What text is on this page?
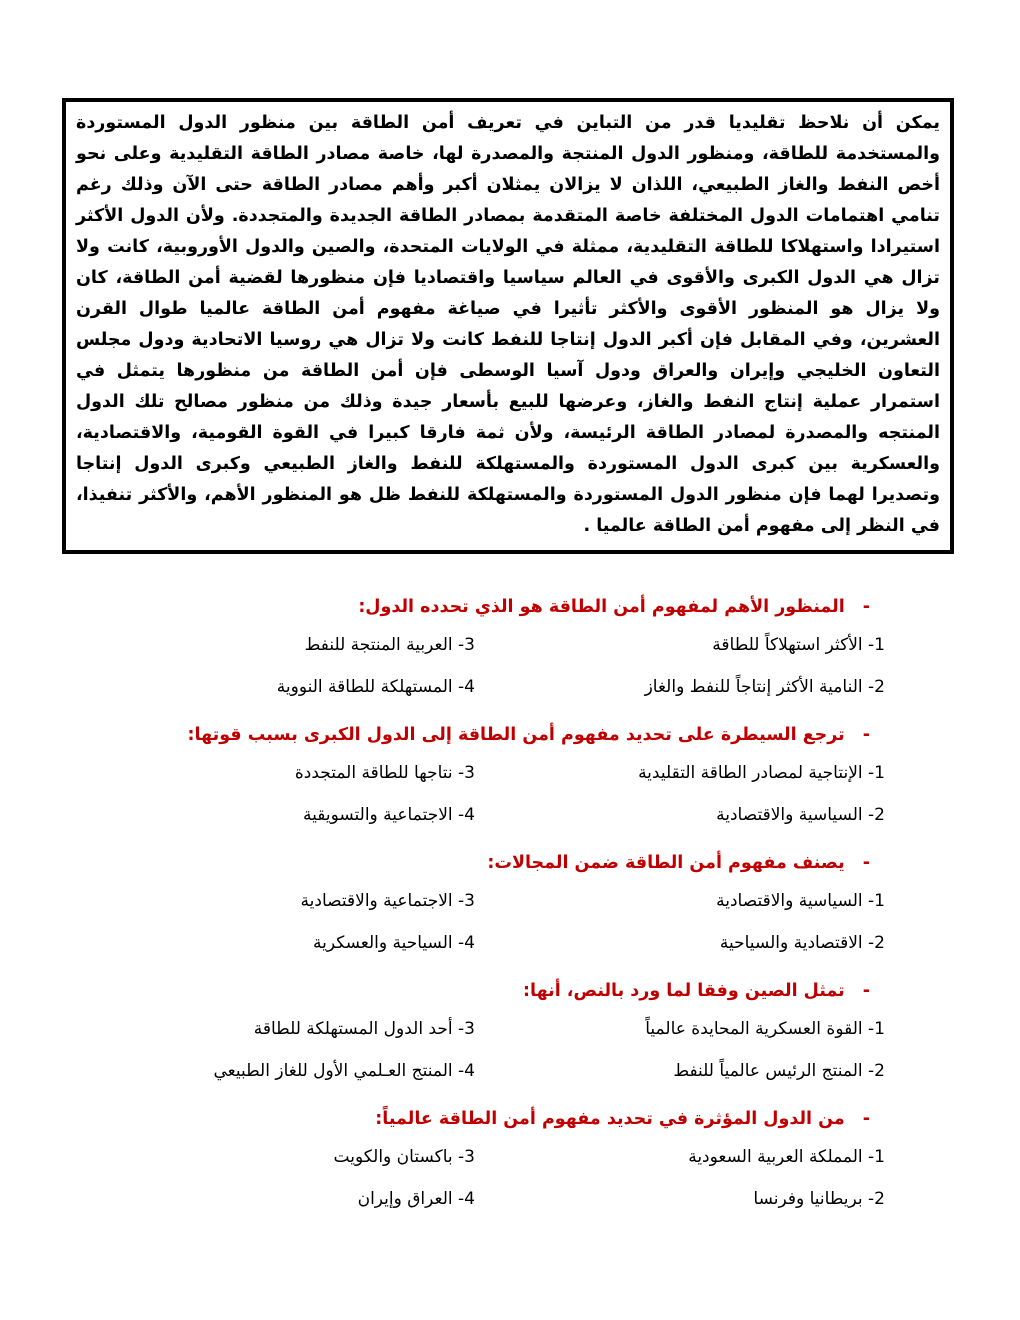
يمكن أن نلاحظ تقليديا قدر من التباين في تعريف أمن الطاقة بين منظور الدول المستوردة والمستخدمة للطاقة، ومنظور الدول المنتجة والمصدرة لها، خاصة مصادر الطاقة التقليدية وعلى نحو أخص النفط والغاز الطبيعي، اللذان لا يزالان يمثلان أكبر وأهم مصادر الطاقة حتى الآن وذلك رغم تنامي اهتمامات الدول المختلفة خاصة المتقدمة بمصادر الطاقة الجديدة والمتجددة. ولأن الدول الأكثر استيرادا واستهلاكا للطاقة التقليدية، ممثلة في الولايات المتحدة، والصين والدول الأوروبية، كانت ولا تزال هي الدول الكبرى والأقوى في العالم سياسيا واقتصاديا فإن منظورها لقضية أمن الطاقة، كان ولا يزال هو المنظور الأقوى والأكثر تأثيرا في صياغة مفهوم أمن الطاقة عالميا طوال القرن العشرين، وفي المقابل فإن أكبر الدول إنتاجا للنفط كانت ولا تزال هي روسيا الاتحادية ودول مجلس التعاون الخليجي وإيران والعراق ودول آسيا الوسطى فإن أمن الطاقة من منظورها يتمثل في استمرار عملية إنتاج النفط والغاز، وعرضها للبيع بأسعار جيدة وذلك من منظور مصالح تلك الدول المنتجه والمصدرة لمصادر الطاقة الرئيسة، ولأن ثمة فارقا كبيرا في القوة القومية، والاقتصادية، والعسكرية بين كبرى الدول المستوردة والمستهلكة للنفط والغاز الطبيعي وكبرى الدول إنتاجا وتصديرا لهما فإن منظور الدول المستوردة والمستهلكة للنفط ظل هو المنظور الأهم، والأكثر تنفيذا، في النظر إلى مفهوم أمن الطاقة عالميا .

-
المنظور الأهم لمفهوم أمن الطاقة هو الذي تحدده الدول:
1- الأكثر استهلاكاً للطاقة
3- العربية المنتجة للنفط
2- النامية الأكثر إنتاجاً للنفط والغاز
4- المستهلكة للطاقة النووية
-
ترجع السيطرة على تحديد مفهوم أمن الطاقة إلى الدول الكبرى بسبب قوتها:
1- الإنتاجية لمصادر الطاقة التقليدية
3- نتاجها للطاقة المتجددة
2- السياسية والاقتصادية
4- الاجتماعية والتسويقية
-
يصنف مفهوم أمن الطاقة ضمن المجالات:
1- السياسية والاقتصادية
3- الاجتماعية والاقتصادية
2- الاقتصادية والسياحية
4- السياحية والعسكرية
-
تمثل الصين وفقا لما ورد بالنص، أنها:
1- القوة العسكرية المحايدة عالمياً
3- أحد الدول المستهلكة للطاقة
2- المنتج الرئيس عالمياً للنفط
4- المنتج العـلمي الأول للغاز الطبيعي
-
من الدول المؤثرة في تحديد مفهوم أمن الطاقة عالمياً:
1- المملكة العربية السعودية
3- باكستان والكويت
2- بريطانيا وفرنسا
4- العراق وإيران
